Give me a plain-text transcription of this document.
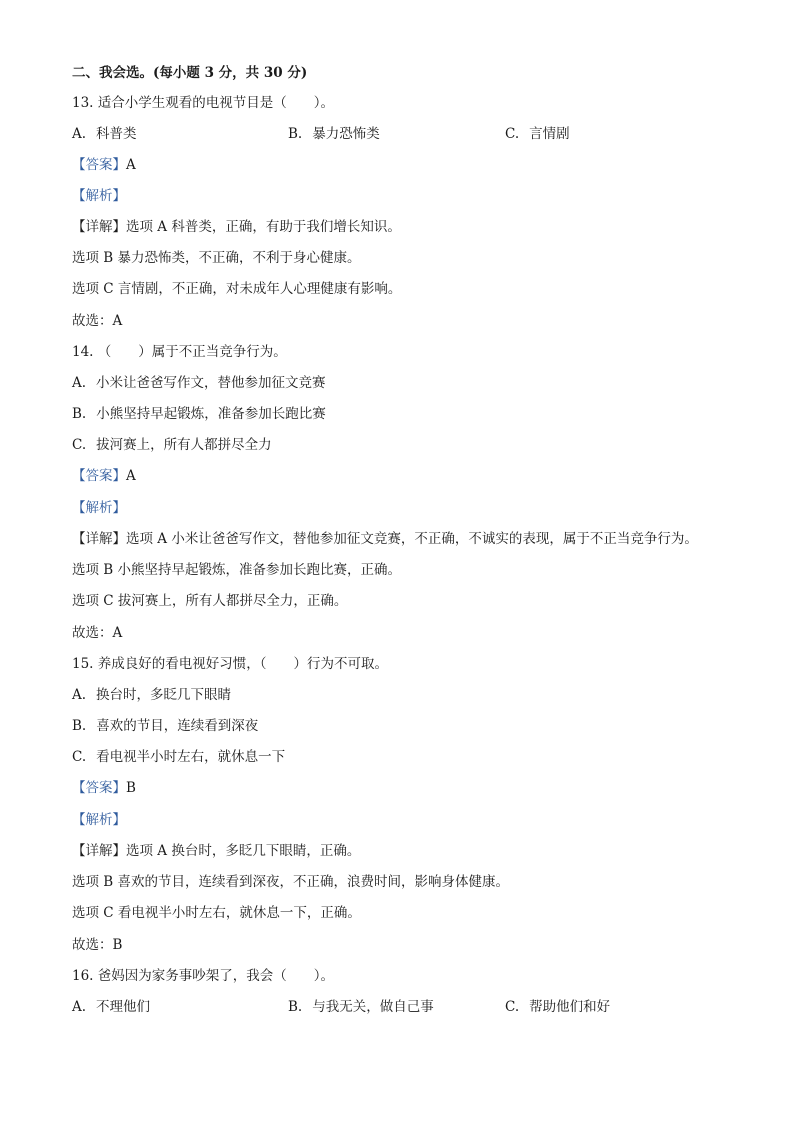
二、我会选。(每小题 3 分，共 30 分)
13. 适合小学生观看的电视节目是（　　）。
A. 科普类	B. 暴力恐怖类	C. 言情剧
【答案】A
【解析】
【详解】选项 A 科普类，正确，有助于我们增长知识。
选项 B 暴力恐怖类，不正确，不利于身心健康。
选项 C 言情剧，不正确，对未成年人心理健康有影响。
故选：A
14. （　　）属于不正当竞争行为。
A. 小米让爸爸写作文，替他参加征文竞赛
B. 小熊坚持早起锻炼，准备参加长跑比赛
C. 拔河赛上，所有人都拼尽全力
【答案】A
【解析】
【详解】选项 A 小米让爸爸写作文，替他参加征文竞赛，不正确，不诚实的表现，属于不正当竞争行为。
选项 B 小熊坚持早起锻炼，准备参加长跑比赛，正确。
选项 C 拔河赛上，所有人都拼尽全力，正确。
故选：A
15. 养成良好的看电视好习惯，（　　）行为不可取。
A. 换台时，多眨几下眼睛
B. 喜欢的节目，连续看到深夜
C. 看电视半小时左右，就休息一下
【答案】B
【解析】
【详解】选项 A 换台时，多眨几下眼睛，正确。
选项 B 喜欢的节目，连续看到深夜，不正确，浪费时间，影响身体健康。
选项 C 看电视半小时左右，就休息一下，正确。
故选：B
16. 爸妈因为家务事吵架了，我会（　　）。
A. 不理他们	B. 与我无关，做自己事	C. 帮助他们和好
